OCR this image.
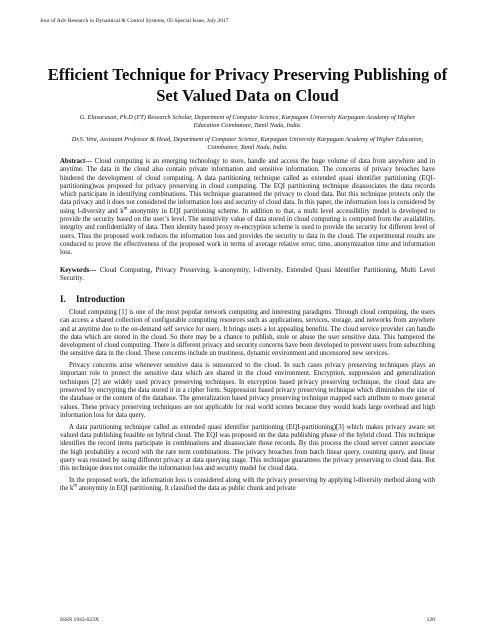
Jour of Adv Research in Dynamical & Control Systems, 05-Special Issue, July 2017
Efficient Technique for Privacy Preserving Publishing of Set Valued Data on Cloud
G. Elavarasan, Ph.D (FT) Research Scholar, Department of Computer Science, Karpagam University Karpagam Academy of Higher Education Coimbatore, Tamil Nadu, India.
Dr.S. Veni, Assistant Professor & Head, Department of Computer Science, Karpagam University Karpagam Academy of Higher Education, Coimbatore, Tamil Nadu, India.
Abstract--- Cloud computing is an emerging technology to store, handle and access the huge volume of data from anywhere and in anytime. The data in the cloud also contain private information and sensitive information. The concerns of privacy breaches have hindered the development of cloud computing. A data partitioning technique called as extended quasi identifier partitioning (EQI-partitioning)was proposed for privacy preserving in cloud computing. The EQI partitioning technique disassociates the data records which participate in identifying combinations. This technique guaranteed the privacy to cloud data. But this technique protects only the data privacy and it does not considered the information loss and security of cloud data. In this paper, the information loss is considered by using l-diversity and $k^m$ anonymity in EQI partitioning scheme. In addition to that, a multi level accessibility model is developed to provide the security based on the user’s level. The sensitivity value of data stored in cloud computing is computed from the availability, integrity and confidentiality of data. Then identity based proxy re-encryption scheme is used to provide the security for different level of users. Thus the proposed work reduces the information loss and provides the security to data in the cloud. The experimental results are conduced to prove the effectiveness of the proposed work in terms of average relative error, time, anonymization time and information loss.
Keywords--- Cloud Computing, Privacy Preserving, k-anonymity, l-diversity, Extended Quasi Identifier Partitioning, Multi Level Security.
I. Introduction

Cloud computing [1] is one of the most popular network computing and interesting paradigms. Through cloud computing, the users can access a shared collection of configurable computing resources such as applications, services, storage, and networks from anywhere and at anytime due to the on-demand self service for users. It brings users a lot appealing benefits. The cloud service provider can handle the data which are stored in the cloud. So there may be a chance to publish, stole or abuse the user sensitive data. This hampered the development of cloud computing. There is different privacy and security concerns have been developed to prevent users from subscribing the sensitive data in the cloud. These concerns include un trustiness, dynamic environment and uncensored new services.

Privacy concerns arise whenever sensitive data is outsourced to the cloud. In such cases privacy preserving techniques plays an important role to protect the sensitive data which are shared in the cloud environment. Encryption, suppression and generalization techniques [2] are widely used privacy preserving techniques. In encryption based privacy preserving technique, the cloud data are preserved by encrypting the data stored it in a cipher form. Suppression based privacy preserving technique which diminishes the size of the database or the content of the database. The generalization based privacy preserving technique mapped each attribute to more general values. These privacy preserving techniques are not applicable for real world scenes because they would leads large overhead and high information loss for data query.

A data partitioning technique called as extended quasi identifier partitioning (EQI-partitioning)[3] which makes privacy aware set valued data publishing feasible on hybrid cloud. The EQI was proposed on the data publishing phase of the hybrid cloud. This technique identifies the record items participate in combinations and disassociate those records. By this process the cloud server cannot associate the high probability a record with the rare term combinations. The privacy breaches from batch linear query, counting query, and linear query was resisted by using different privacy at data querying stage. This technique guarantees the privacy preserving to cloud data. But this technique does not consider the information loss and security model for cloud data.

In the proposed work, the information loss is considered along with the privacy preserving by applying l-diversity method along with the $k^m$ anonymity in EQI partitioning. It classified the data as public chunk and private

ISSN 1943-023X	120
